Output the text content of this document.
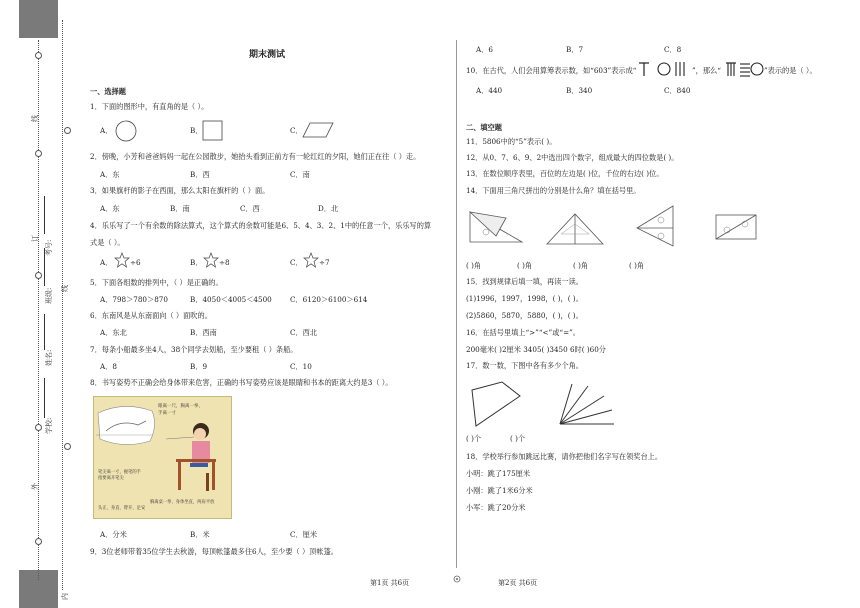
线
订
外
线
内
考号:
班级:
姓名:
学校:
期末测试
一、选择题
1．下面的图形中，有直角的是（ ）。
A．	B．	C．
2．傍晚，小芳和爸爸妈妈一起在公园散步，她抬头看到正前方有一轮红红的夕阳，她们正在往（ ）走。
A．东	B．西	C．南
3．如果旗杆的影子在西面，那么太阳在旗杆的（ ）面。
A．东	B．南	C．西	D．北
4．乐乐写了一个有余数的除法算式，这个算式的余数可能是6、5、4、3、2、1中的任意一个，乐乐写的算
式是（ ）。
A． ÷6	B． ÷8	C． ÷7
5．下面各组数的排列中，（ ）是正确的。
A．798＞780＞870	B．4050＜4005＜4500	C．6120＞6100＞614
6．东南风是从东南面向（ ）面吹的。
A．东北	B．西南	C．西北
7．每条小船最多坐4人，38个同学去划船，至少要租（ ）条船。
A．8	B．9	C．10
8．书写姿势不正确会给身体带来危害，正确的书写姿势应该是眼睛和书本的距离大约是3（ ）。
眼离一尺，胸离一拳，
手离一寸
笔尖离一寸，握笔的手指要离开笔尖
胸离桌一拳，身体坐直，两肩平放
头正、身直、臂开、足安
A．分米	B．米	C．厘米
9．3位老师带着35位学生去秋游，每顶帐篷最多住6人，至少要（ ）顶帐篷。
A．6	B．7	C．8
10．在古代，人们会用算筹表示数，如“603”表示成“	”，那么“	”表示的是（ ）。
A．440	B．340	C．840
二、填空题
11．5806中的“5”表示( )。
12．从0、7、6、9、2中选出四个数字，组成最大的四位数是( )。
13．在数位顺序表里，百位的左边是( )位，千位的右边( )位。
14．下面用三角尺拼出的分别是什么角？填在括号里。
( )角	( )角	( )角	( )角
15．找到规律后填一填，再读一读。
(1)1996，1997，1998，( )，( )。
(2)5860，5870，5880，( )，( )。
16．在括号里填上“>”“<”或“=”。
200毫米( )2厘米 3405( )3450 6时( )60分
17．数一数，下图中各有多少个角。
( )个	( )个
18．学校举行参加跳远比赛，请你把他们名字写在领奖台上。
小明：跳了175厘米
小刚：跳了1米6分米
小军：跳了20分米
第1页 共6页	第2页 共6页
